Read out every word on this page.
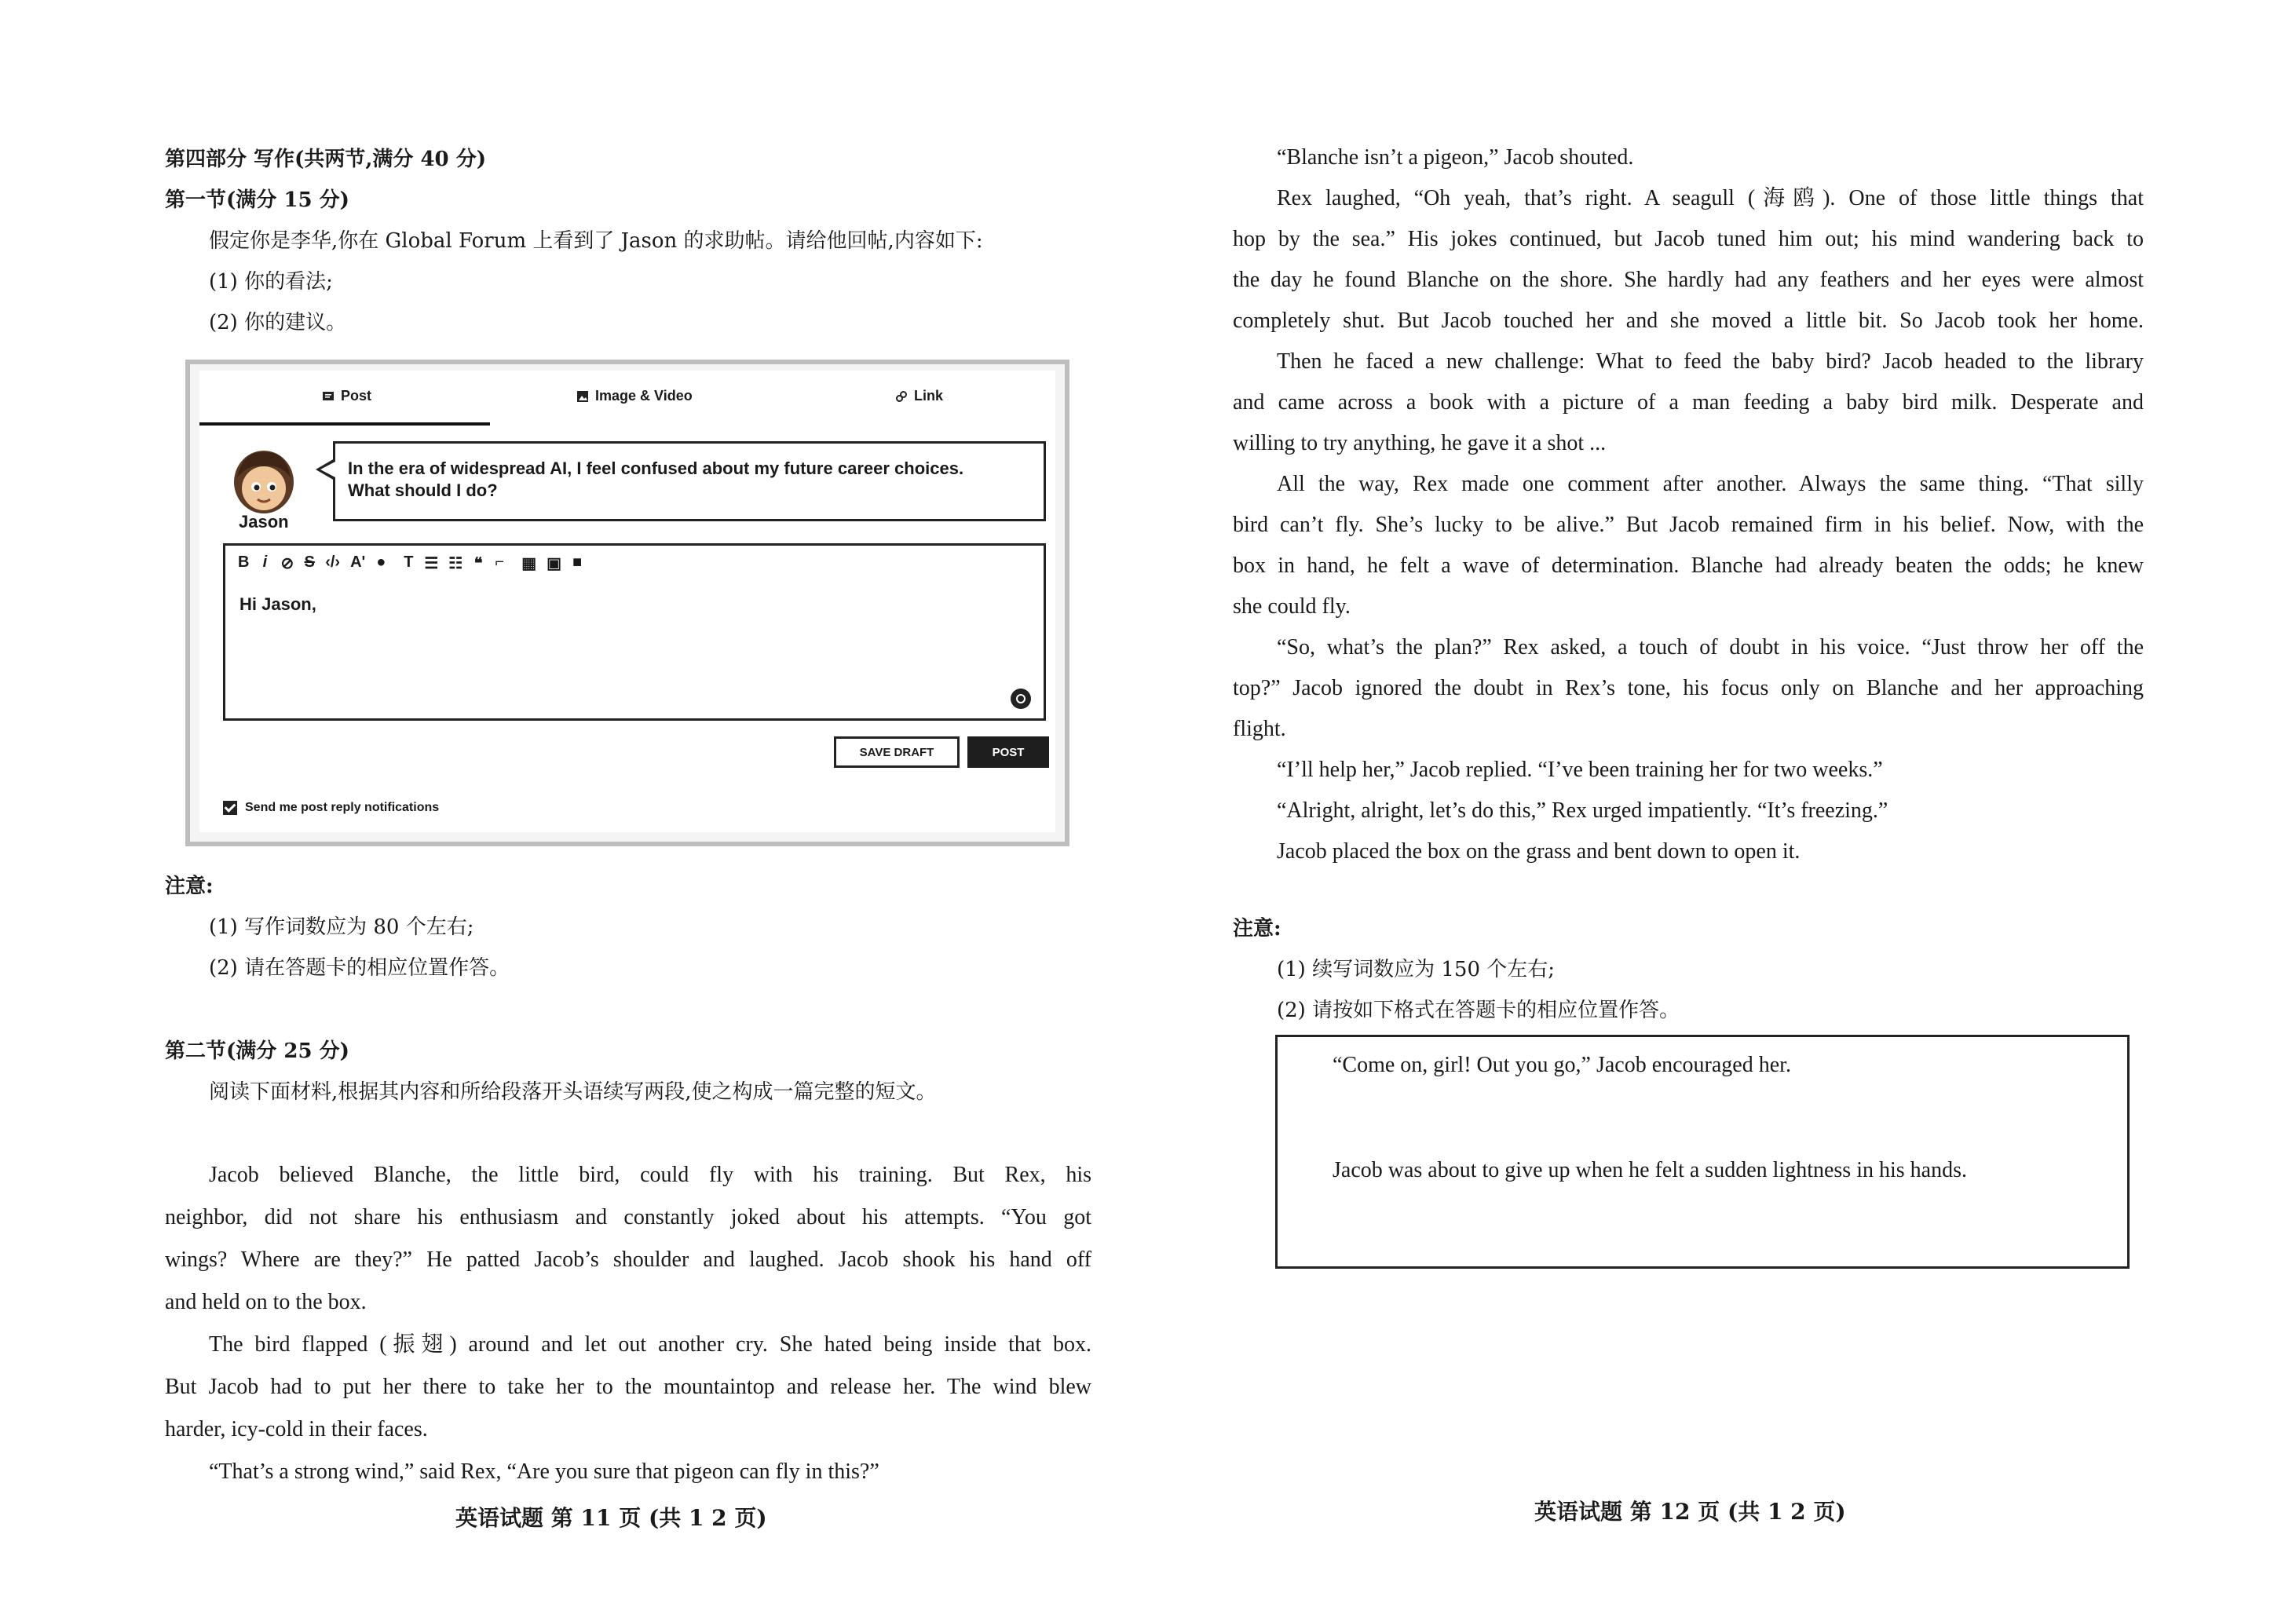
第四部分 写作(共两节,满分 40 分)
第一节(满分 15 分)
假定你是李华,你在 Global Forum 上看到了 Jason 的求助帖。请给他回帖,内容如下:
(1) 你的看法;
(2) 你的建议。
Post	Image & Video	Link
Jason
In the era of widespread AI, I feel confused about my future career choices.
What should I do?
B i ⊘ S ‹/› A' ● T ☰ ☷ ❝ ⌐ ▦ ▣ ■
Hi Jason,
SAVE DRAFT	POST
Send me post reply notifications
注意:
(1) 写作词数应为 80 个左右;
(2) 请在答题卡的相应位置作答。
第二节(满分 25 分)
阅读下面材料,根据其内容和所给段落开头语续写两段,使之构成一篇完整的短文。
Jacob believed Blanche, the little bird, could fly with his training. But Rex, his
neighbor, did not share his enthusiasm and constantly joked about his attempts. “You got
wings? Where are they?” He patted Jacob’s shoulder and laughed. Jacob shook his hand off
and held on to the box.
The bird flapped (振翅) around and let out another cry. She hated being inside that box.
But Jacob had to put her there to take her to the mountaintop and release her. The wind blew
harder, icy-cold in their faces.
“That’s a strong wind,” said Rex, “Are you sure that pigeon can fly in this?”
英语试题 第 11 页 (共 1 2 页)
“Blanche isn’t a pigeon,” Jacob shouted.
Rex laughed, “Oh yeah, that’s right. A seagull (海鸥). One of those little things that
hop by the sea.” His jokes continued, but Jacob tuned him out; his mind wandering back to
the day he found Blanche on the shore. She hardly had any feathers and her eyes were almost
completely shut. But Jacob touched her and she moved a little bit. So Jacob took her home.
Then he faced a new challenge: What to feed the baby bird? Jacob headed to the library
and came across a book with a picture of a man feeding a baby bird milk. Desperate and
willing to try anything, he gave it a shot ...
All the way, Rex made one comment after another. Always the same thing. “That silly
bird can’t fly. She’s lucky to be alive.” But Jacob remained firm in his belief. Now, with the
box in hand, he felt a wave of determination. Blanche had already beaten the odds; he knew
she could fly.
“So, what’s the plan?” Rex asked, a touch of doubt in his voice. “Just throw her off the
top?” Jacob ignored the doubt in Rex’s tone, his focus only on Blanche and her approaching
flight.
“I’ll help her,” Jacob replied. “I’ve been training her for two weeks.”
“Alright, alright, let’s do this,” Rex urged impatiently. “It’s freezing.”
Jacob placed the box on the grass and bent down to open it.
注意:
(1) 续写词数应为 150 个左右;
(2) 请按如下格式在答题卡的相应位置作答。
“Come on, girl! Out you go,” Jacob encouraged her.
Jacob was about to give up when he felt a sudden lightness in his hands.
英语试题 第 12 页 (共 1 2 页)
